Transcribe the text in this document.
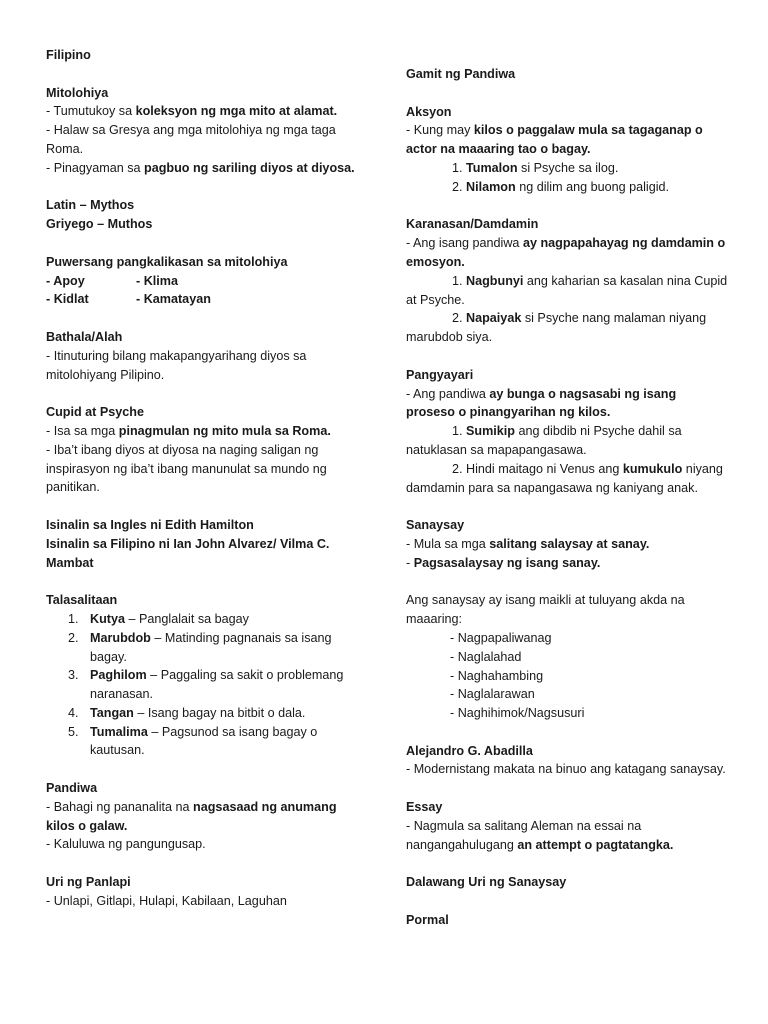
Filipino

Mitolohiya

- Tumutukoy sa koleksyon ng mga mito at alamat.

- Halaw sa Gresya ang mga mitolohiya ng mga taga Roma.

- Pinagyaman sa pagbuo ng sariling diyos at diyosa.

Latin – Mythos

Griyego – Muthos

Puwersang pangkalikasan sa mitolohiya

- Apoy	- Klima

- Kidlat	- Kamatayan

Bathala/Alah

- Itinuturing bilang makapangyarihang diyos sa mitolohiyang Pilipino.

Cupid at Psyche

- Isa sa mga pinagmulan ng mito mula sa Roma.

- Iba’t ibang diyos at diyosa na naging saligan ng inspirasyon ng iba’t ibang manunulat sa mundo ng panitikan.

Isinalin sa Ingles ni Edith Hamilton

Isinalin sa Filipino ni Ian John Alvarez/ Vilma C. Mambat

Talasalitaan

1. Kutya – Panglalait sa bagay
2. Marubdob – Matinding pagnanais sa isang bagay.
3. Paghilom – Paggaling sa sakit o problemang naranasan.
4. Tangan – Isang bagay na bitbit o dala.
5. Tumalima – Pagsunod sa isang bagay o kautusan.

Pandiwa

- Bahagi ng pananalita na nagsasaad ng anumang kilos o galaw.

- Kaluluwa ng pangungusap.

Uri ng Panlapi

- Unlapi, Gitlapi, Hulapi, Kabilaan, Laguhan

Gamit ng Pandiwa

Aksyon

- Kung may kilos o paggalaw mula sa tagaganap o actor na maaaring tao o bagay.

1. Tumalon si Psyche sa ilog.

2. Nilamon ng dilim ang buong paligid.

Karanasan/Damdamin

- Ang isang pandiwa ay nagpapahayag ng damdamin o emosyon.

1. Nagbunyi ang kaharian sa kasalan nina Cupid at Psyche.

2. Napaiyak si Psyche nang malaman niyang marubdob siya.

Pangyayari

- Ang pandiwa ay bunga o nagsasabi ng isang proseso o pinangyarihan ng kilos.

1. Sumikip ang dibdib ni Psyche dahil sa natuklasan sa mapapangasawa.

2. Hindi maitago ni Venus ang kumukulo niyang damdamin para sa napangasawa ng kaniyang anak.

Sanaysay

- Mula sa mga salitang salaysay at sanay.

- Pagsasalaysay ng isang sanay.

Ang sanaysay ay isang maikli at tuluyang akda na maaaring:

- Nagpapaliwanag

- Naglalahad

- Naghahambing

- Naglalarawan

- Naghihimok/Nagsusuri

Alejandro G. Abadilla

- Modernistang makata na binuo ang katagang sanaysay.

Essay

- Nagmula sa salitang Aleman na essai na nangangahulugang an attempt o pagtatangka.

Dalawang Uri ng Sanaysay

Pormal
